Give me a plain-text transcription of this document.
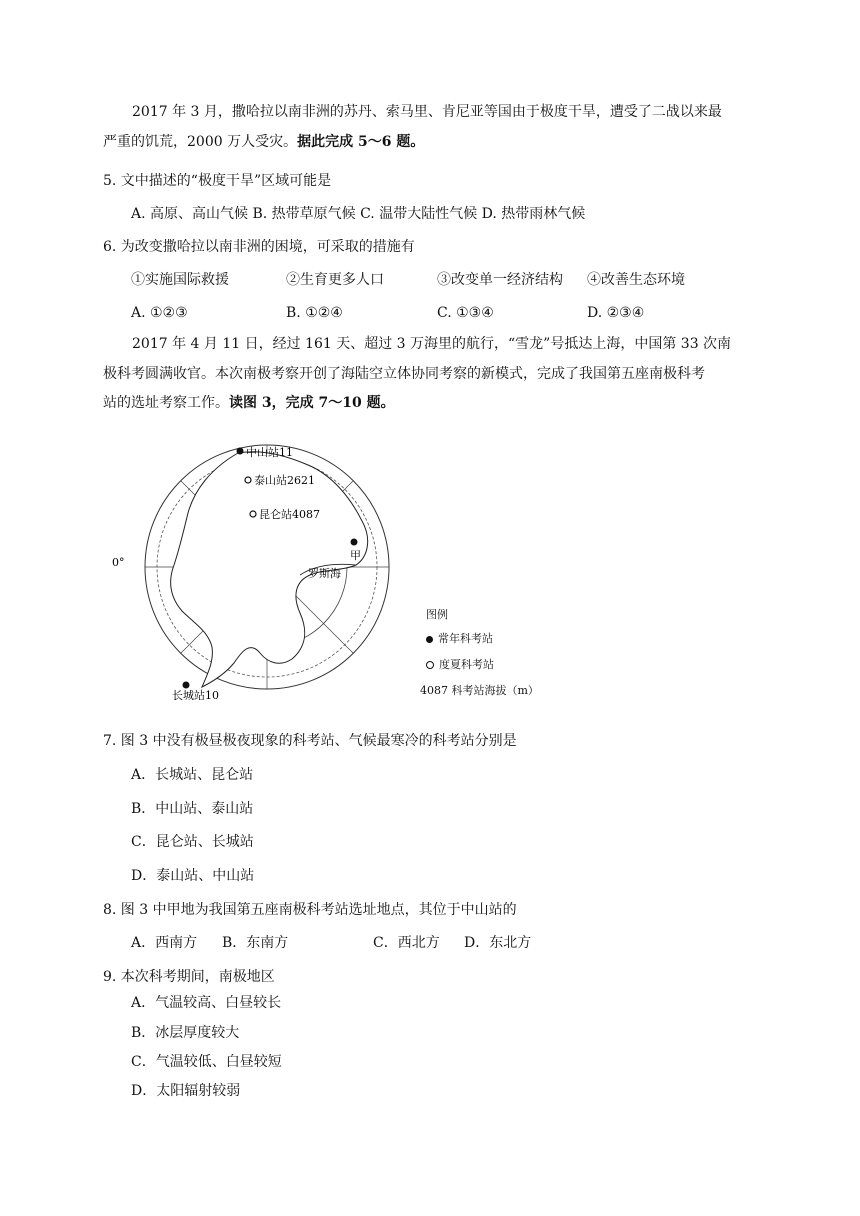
2017 年 3 月，撒哈拉以南非洲的苏丹、索马里、肯尼亚等国由于极度干旱，遭受了二战以来最
严重的饥荒，2000 万人受灾。据此完成 5～6 题。
5. 文中描述的“极度干旱”区域可能是
A. 高原、高山气候 B. 热带草原气候 C. 温带大陆性气候 D. 热带雨林气候
6. 为改变撒哈拉以南非洲的困境，可采取的措施有
①实施国际救援	②生育更多人口	③改变单一经济结构 ④改善生态环境
A. ①②③	B. ①②④	C. ①③④	D. ②③④
2017 年 4 月 11 日，经过 161 天、超过 3 万海里的航行，“雪龙”号抵达上海，中国第 33 次南
极科考圆满收官。本次南极考察开创了海陆空立体协同考察的新模式，完成了我国第五座南极科考
站的选址考察工作。读图 3，完成 7～10 题。
0°
中山站11
泰山站2621
昆仑站4087
甲
罗斯海
长城站10
图例
常年科考站
度夏科考站
4087 科考站海拔（m）
7. 图 3 中没有极昼极夜现象的科考站、气候最寒冷的科考站分别是
A．长城站、昆仑站
B．中山站、泰山站
C．昆仑站、长城站
D．泰山站、中山站
8. 图 3 中甲地为我国第五座南极科考站选址地点，其位于中山站的
A．西南方 B．东南方	C．西北方 D．东北方
9. 本次科考期间，南极地区
A．气温较高、白昼较长
B．冰层厚度较大
C．气温较低、白昼较短
D．太阳辐射较弱
